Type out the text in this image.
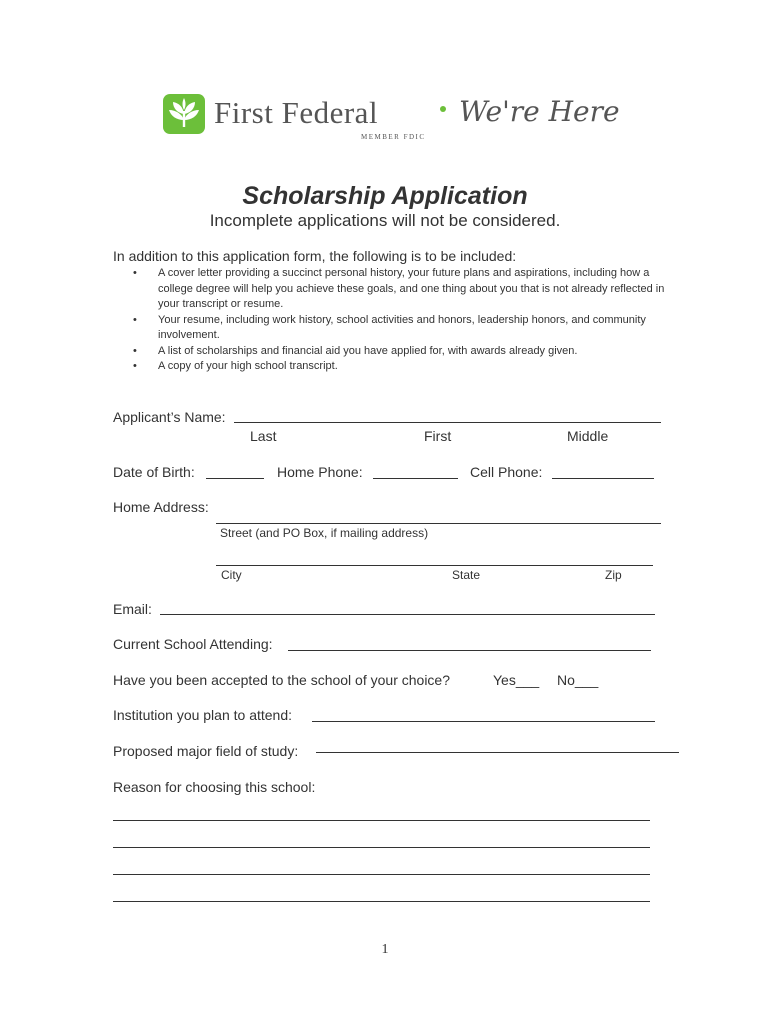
First Federal	We're Here
MEMBER FDIC
Scholarship Application
Incomplete applications will not be considered.
In addition to this application form, the following is to be included:
• A cover letter providing a succinct personal history, your future plans and aspirations, including how a college degree will help you achieve these goals, and one thing about you that is not already reflected in your transcript or resume.
• Your resume, including work history, school activities and honors, leadership honors, and community involvement.
• A list of scholarships and financial aid you have applied for, with awards already given.
• A copy of your high school transcript.
Applicant’s Name:
Last	First	Middle
Date of Birth:	Home Phone:	Cell Phone:
Home Address:
Street (and PO Box, if mailing address)
City	State	Zip
Email:
Current School Attending:
Have you been accepted to the school of your choice?	Yes___ No___
Institution you plan to attend:
Proposed major field of study:
Reason for choosing this school:
1
